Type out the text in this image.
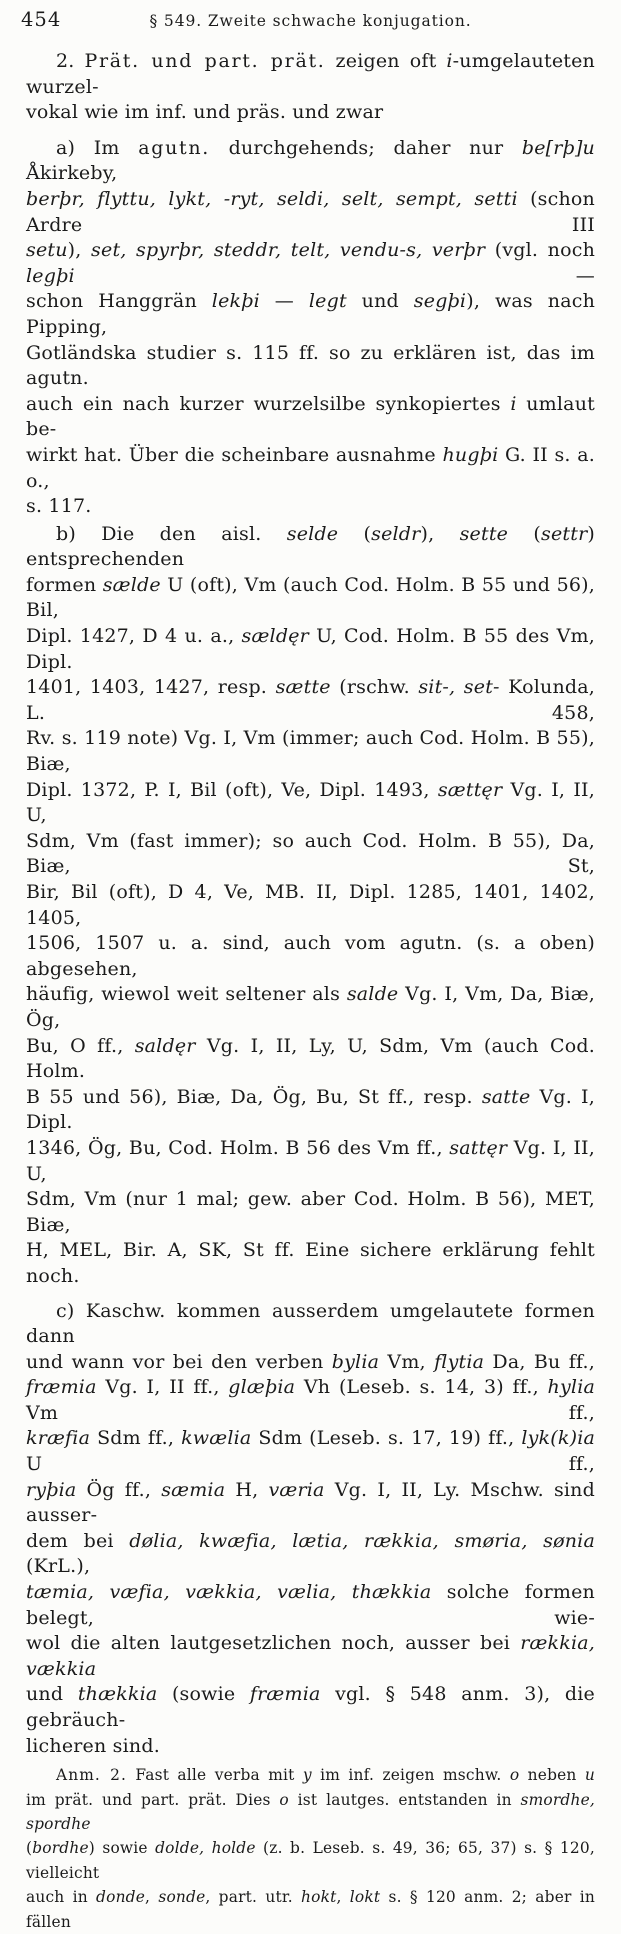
454	§ 549. Zweite schwache konjugation.
2. Prät. und part. prät. zeigen oft i-umgelauteten wurzel-
vokal wie im inf. und präs. und zwar
a) Im agutn. durchgehends; daher nur be[rþ]u Åkirkeby,
berþr, flyttu, lykt, -ryt, seldi, selt, sempt, setti (schon Ardre III
setu), set, spyrþr, steddr, telt, vendu-s, verþr (vgl. noch legþi —
schon Hanggrän lekþi — legt und segþi), was nach Pipping,
Gotländska studier s. 115 ff. so zu erklären ist, das im agutn.
auch ein nach kurzer wurzelsilbe synkopiertes i umlaut be-
wirkt hat. Über die scheinbare ausnahme hugþi G. II s. a. o.,
s. 117.
b) Die den aisl. selde (seldr), sette (settr) entsprechenden
formen sælde U (oft), Vm (auch Cod. Holm. B 55 und 56), Bil,
Dipl. 1427, D 4 u. a., sældęr U, Cod. Holm. B 55 des Vm, Dipl.
1401, 1403, 1427, resp. sætte (rschw. sit-, set- Kolunda, L. 458,
Rv. s. 119 note) Vg. I, Vm (immer; auch Cod. Holm. B 55), Biæ,
Dipl. 1372, P. I, Bil (oft), Ve, Dipl. 1493, sættęr Vg. I, II, U,
Sdm, Vm (fast immer); so auch Cod. Holm. B 55), Da, Biæ, St,
Bir, Bil (oft), D 4, Ve, MB. II, Dipl. 1285, 1401, 1402, 1405,
1506, 1507 u. a. sind, auch vom agutn. (s. a oben) abgesehen,
häufig, wiewol weit seltener als salde Vg. I, Vm, Da, Biæ, Ög,
Bu, O ff., saldęr Vg. I, II, Ly, U, Sdm, Vm (auch Cod. Holm.
B 55 und 56), Biæ, Da, Ög, Bu, St ff., resp. satte Vg. I, Dipl.
1346, Ög, Bu, Cod. Holm. B 56 des Vm ff., sattęr Vg. I, II, U,
Sdm, Vm (nur 1 mal; gew. aber Cod. Holm. B 56), MET, Biæ,
H, MEL, Bir. A, SK, St ff. Eine sichere erklärung fehlt noch.
c) Kaschw. kommen ausserdem umgelautete formen dann
und wann vor bei den verben bylia Vm, flytia Da, Bu ff.,
fræmia Vg. I, II ff., glæþia Vh (Leseb. s. 14, 3) ff., hylia Vm ff.,
kræfia Sdm ff., kwælia Sdm (Leseb. s. 17, 19) ff., lyk(k)ia U ff.,
ryþia Ög ff., sæmia H, væria Vg. I, II, Ly. Mschw. sind ausser-
dem bei dølia, kwæfia, lætia, rækkia, smøria, sønia (KrL.),
tæmia, væfia, vækkia, vælia, thækkia solche formen belegt, wie-
wol die alten lautgesetzlichen noch, ausser bei rækkia, vækkia
und thækkia (sowie fræmia vgl. § 548 anm. 3), die gebräuch-
licheren sind.
Anm. 2. Fast alle verba mit y im inf. zeigen mschw. o neben u
im prät. und part. prät. Dies o ist lautges. entstanden in smordhe, spordhe
(bordhe) sowie dolde, holde (z. b. Leseb. s. 49, 36; 65, 37) s. § 120, vielleicht
auch in donde, sonde, part. utr. hokt, lokt s. § 120 anm. 2; aber in fällen
